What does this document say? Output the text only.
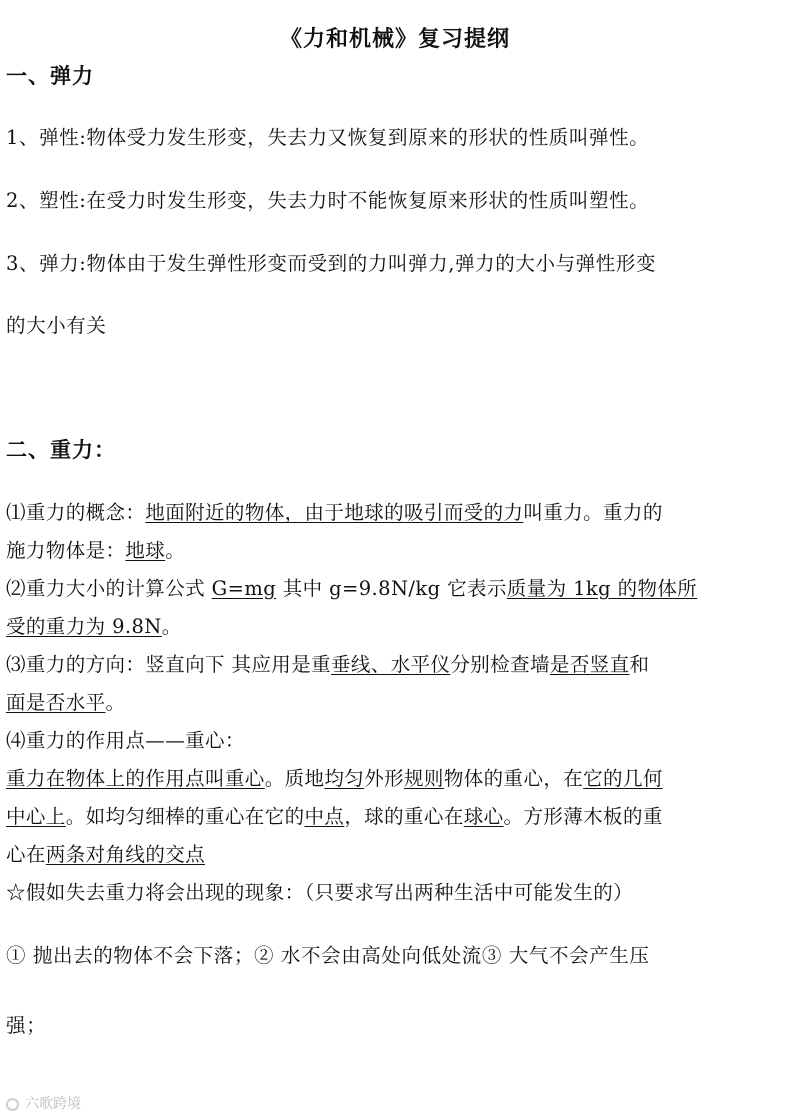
《力和机械》复习提纲
一、弹力
1、弹性:物体受力发生形变，失去力又恢复到原来的形状的性质叫弹性。
2、塑性:在受力时发生形变，失去力时不能恢复原来形状的性质叫塑性。
3、弹力:物体由于发生弹性形变而受到的力叫弹力,弹力的大小与弹性形变
的大小有关
二、重力：
⑴重力的概念：地面附近的物体，由于地球的吸引而受的力叫重力。重力的
施力物体是：地球。
⑵重力大小的计算公式 G=mg 其中 g=9.8N/kg 它表示质量为 1kg 的物体所
受的重力为 9.8N。
⑶重力的方向：竖直向下 其应用是重垂线、水平仪分别检查墙是否竖直和
面是否水平。
⑷重力的作用点——重心：
重力在物体上的作用点叫重心。质地均匀外形规则物体的重心，在它的几何
中心上。如均匀细棒的重心在它的中点，球的重心在球心。方形薄木板的重
心在两条对角线的交点
☆假如失去重力将会出现的现象：（只要求写出两种生活中可能发生的）
① 抛出去的物体不会下落；② 水不会由高处向低处流③ 大气不会产生压
强；
六歌跨境
